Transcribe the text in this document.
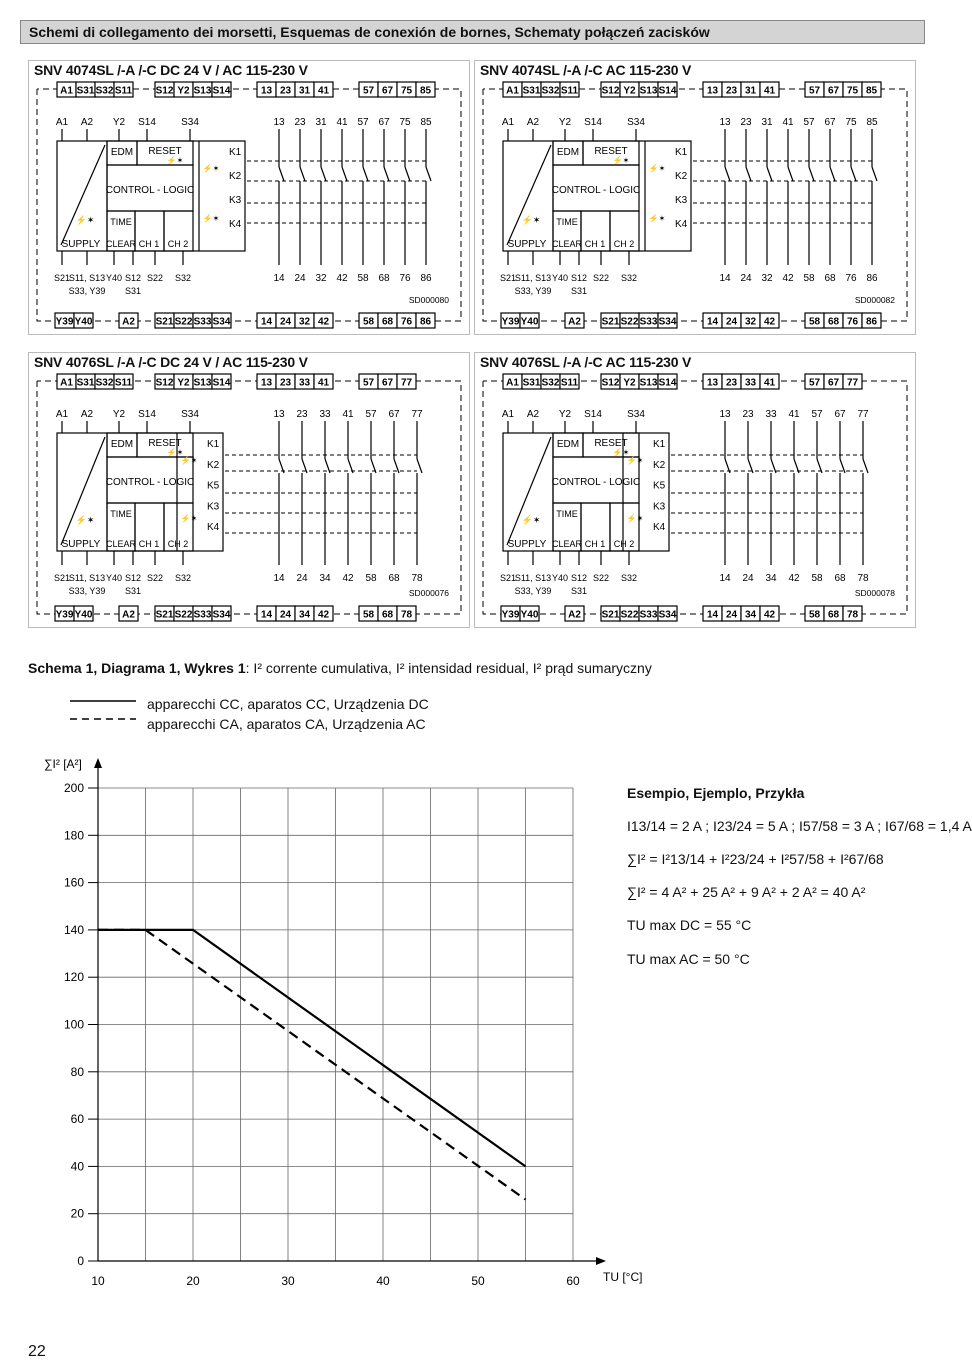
Schemi di collegamento dei morsetti, Esquemas de conexión de bornes, Schematy połączeń zacisków
SNV 4074SL /-A /-C DC 24 V / AC 115-230 V
A1 S31 S32 S11 S12 Y2 S13 S14	13 23 31 41	57 67 75 85
Y39 Y40	A2 S21 S22 S33 S34	14 24 32 42	58 68 76 86
A1 A2 Y2 S14	S34
⚡✶
SUPPLY
EDM RESET
⚡✶
CONTROL - LOGIC
TIME
CLEAR CH 1 CH 2
K1
K2
K3
K4
⚡✶
⚡✶
13
14
23
24
31
32
41
42
57
58
67
68
75
76
85
86
S21
S11, S13 Y40 S12 S22 S32
S33, Y39 S31
SD000080
SNV 4074SL /-A /-C AC 115-230 V
A1 S31 S32 S11 S12 Y2 S13 S14	13 23 31 41	57 67 75 85
Y39 Y40	A2 S21 S22 S33 S34	14 24 32 42	58 68 76 86
A1 A2 Y2 S14	S34
⚡✶
SUPPLY
EDM RESET
⚡✶
CONTROL - LOGIC
TIME
CLEAR CH 1 CH 2
K1
K2
K3
K4
⚡✶
⚡✶
13
14
23
24
31
32
41
42
57
58
67
68
75
76
85
86
S21
S11, S13 Y40 S12 S22 S32
S33, Y39 S31
SD000082
SNV 4076SL /-A /-C DC 24 V / AC 115-230 V
A1 S31 S32 S11 S12 Y2 S13 S14	13 23 33 41	57 67 77
Y39 Y40	A2 S21 S22 S33 S34	14 24 34 42	58 68 78
A1 A2 Y2 S14	S34
⚡✶
SUPPLY
EDM RESET
⚡✶
CONTROL - LOGIC
TIME
CLEAR CH 1 CH 2
K1
K2
K5
K3
K4
⚡✶
⚡✶
13
14
23
24
33
34
41
42
57
58
67
68
77
78
S21
S11, S13 Y40 S12 S22 S32
S33, Y39 S31	SD000076
SNV 4076SL /-A /-C AC 115-230 V
A1 S31 S32 S11 S12 Y2 S13 S14	13 23 33 41	57 67 77
Y39 Y40	A2 S21 S22 S33 S34	14 24 34 42	58 68 78
A1 A2 Y2 S14	S34
⚡✶
SUPPLY
EDM RESET
⚡✶
CONTROL - LOGIC
TIME
CLEAR CH 1 CH 2
K1
K2
K5
K3
K4
⚡✶
⚡✶
13
14
23
24
33
34
41
42
57
58
67
68
77
78
S21
S11, S13 Y40 S12 S22 S32
S33, Y39 S31	SD000078
Schema 1, Diagrama 1, Wykres 1: I² corrente cumulativa, I² intensidad residual, I² prąd sumaryczny
apparecchi CC, aparatos CC, Urządzenia DC
apparecchi CA, aparatos CA, Urządzenia AC
0
20
40
60
80
100
120
140
160
180
200
10	20	30	40	50	60
∑I² [A²]
TU [°C]
Esempio, Ejemplo, Przykła
I13/14 = 2 A ; I23/24 = 5 A ; I57/58 = 3 A ; I67/68 = 1,4 A
∑I² = I²13/14 + I²23/24 + I²57/58 + I²67/68
∑I² = 4 A² + 25 A² + 9 A² + 2 A² = 40 A²
TU max DC = 55 °C
TU max AC = 50 °C
22
